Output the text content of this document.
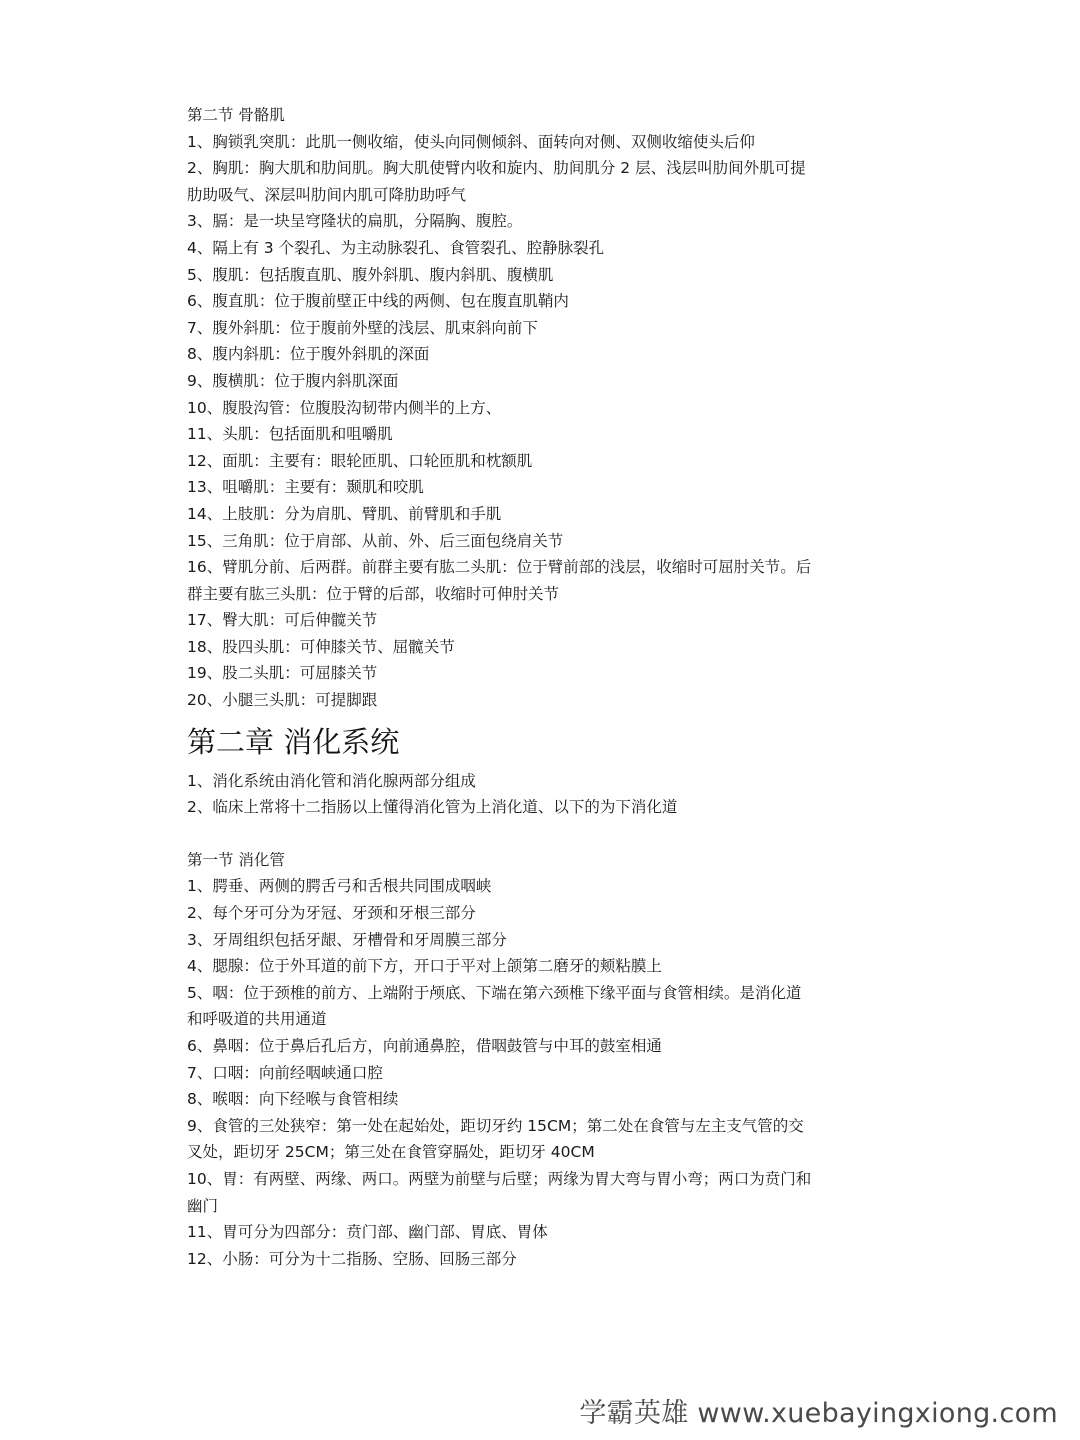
第二节 骨骼肌

1、胸锁乳突肌：此肌一侧收缩，使头向同侧倾斜、面转向对侧、双侧收缩使头后仰

2、胸肌：胸大肌和肋间肌。胸大肌使臂内收和旋内、肋间肌分 2 层、浅层叫肋间外肌可提

肋助吸气、深层叫肋间内肌可降肋助呼气

3、膈：是一块呈穹隆状的扁肌，分隔胸、腹腔。

4、隔上有 3 个裂孔、为主动脉裂孔、食管裂孔、腔静脉裂孔

5、腹肌：包括腹直肌、腹外斜肌、腹内斜肌、腹横肌

6、腹直肌：位于腹前壁正中线的两侧、包在腹直肌鞘内

7、腹外斜肌：位于腹前外壁的浅层、肌束斜向前下

8、腹内斜肌：位于腹外斜肌的深面

9、腹横肌：位于腹内斜肌深面

10、腹股沟管：位腹股沟韧带内侧半的上方、

11、头肌：包括面肌和咀嚼肌

12、面肌：主要有：眼轮匝肌、口轮匝肌和枕额肌

13、咀嚼肌：主要有：颞肌和咬肌

14、上肢肌：分为肩肌、臂肌、前臂肌和手肌

15、三角肌：位于肩部、从前、外、后三面包绕肩关节

16、臂肌分前、后两群。前群主要有肱二头肌：位于臂前部的浅层，收缩时可屈肘关节。后

群主要有肱三头肌：位于臂的后部，收缩时可伸肘关节

17、臀大肌：可后伸髋关节

18、股四头肌：可伸膝关节、屈髋关节

19、股二头肌：可屈膝关节

20、小腿三头肌：可提脚跟

第二章 消化系统

1、消化系统由消化管和消化腺两部分组成

2、临床上常将十二指肠以上懂得消化管为上消化道、以下的为下消化道

第一节 消化管

1、腭垂、两侧的腭舌弓和舌根共同围成咽峡

2、每个牙可分为牙冠、牙颈和牙根三部分

3、牙周组织包括牙龈、牙槽骨和牙周膜三部分

4、腮腺：位于外耳道的前下方，开口于平对上颌第二磨牙的颊粘膜上

5、咽：位于颈椎的前方、上端附于颅底、下端在第六颈椎下缘平面与食管相续。是消化道

和呼吸道的共用通道

6、鼻咽：位于鼻后孔后方，向前通鼻腔，借咽鼓管与中耳的鼓室相通

7、口咽：向前经咽峡通口腔

8、喉咽：向下经喉与食管相续

9、食管的三处狭窄：第一处在起始处，距切牙约 15CM；第二处在食管与左主支气管的交

叉处，距切牙 25CM；第三处在食管穿膈处，距切牙 40CM

10、胃：有两壁、两缘、两口。两壁为前壁与后壁；两缘为胃大弯与胃小弯；两口为贲门和

幽门

11、胃可分为四部分：贲门部、幽门部、胃底、胃体

12、小肠：可分为十二指肠、空肠、回肠三部分

学霸英雄 www.xuebayingxiong.com
